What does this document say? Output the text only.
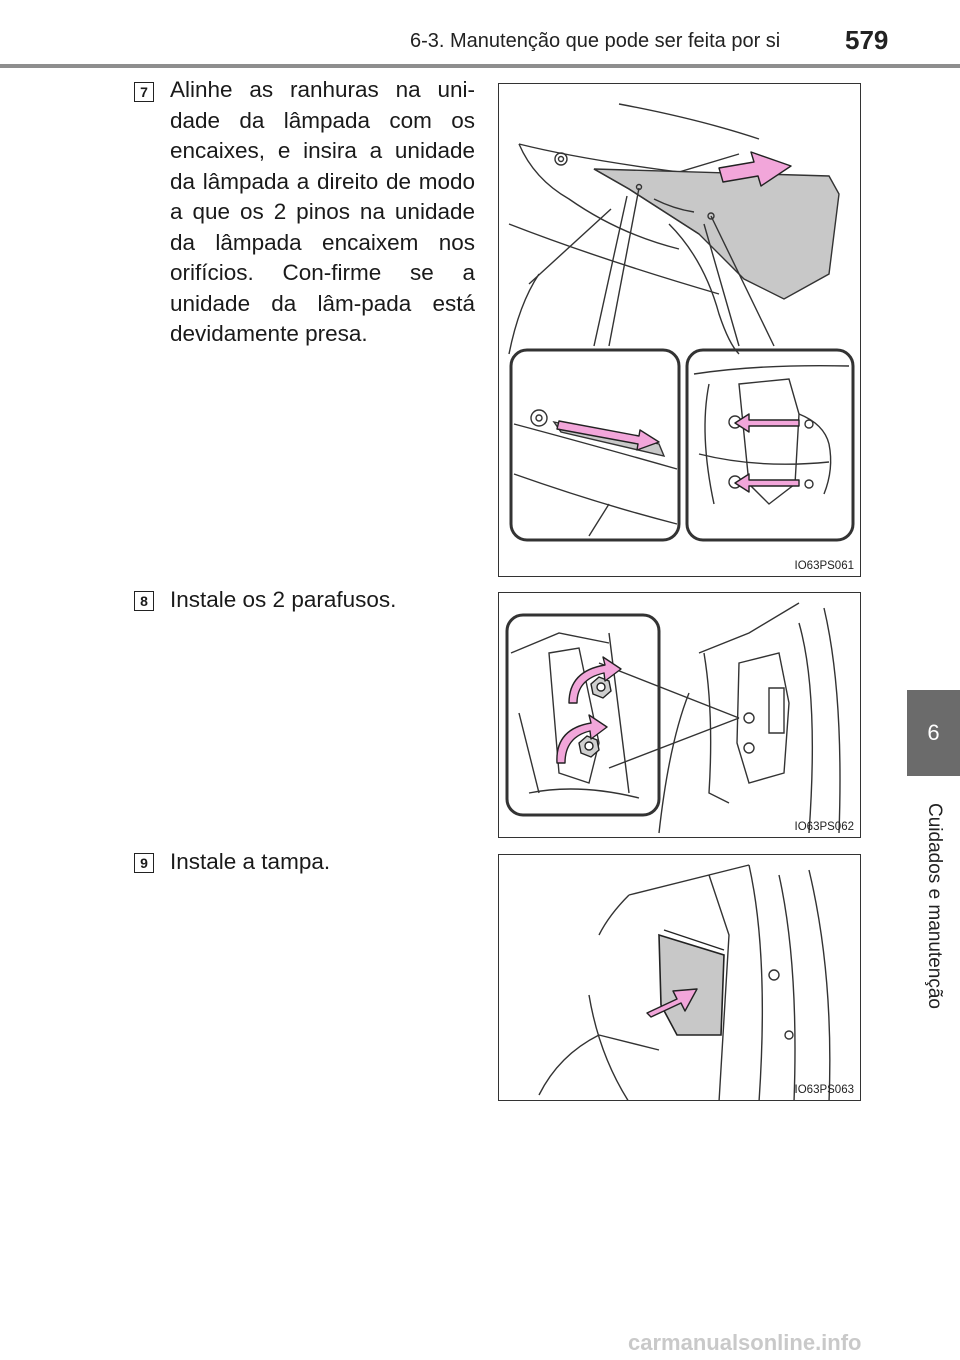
6-3. Manutenção que pode ser feita por si 579
6
Cuidados e manutenção
7 Alinhe as ranhuras na uni-dade da lâmpada com os encaixes, e insira a unidade da lâmpada a direito de modo a que os 2 pinos na unidade da lâmpada encaixem nos orifícios. Con-firme se a unidade da lâm-pada está devidamente presa.
IO63PS061
8 Instale os 2 parafusos.
IO63PS062
9 Instale a tampa.
IO63PS063
carmanualsonline.info
